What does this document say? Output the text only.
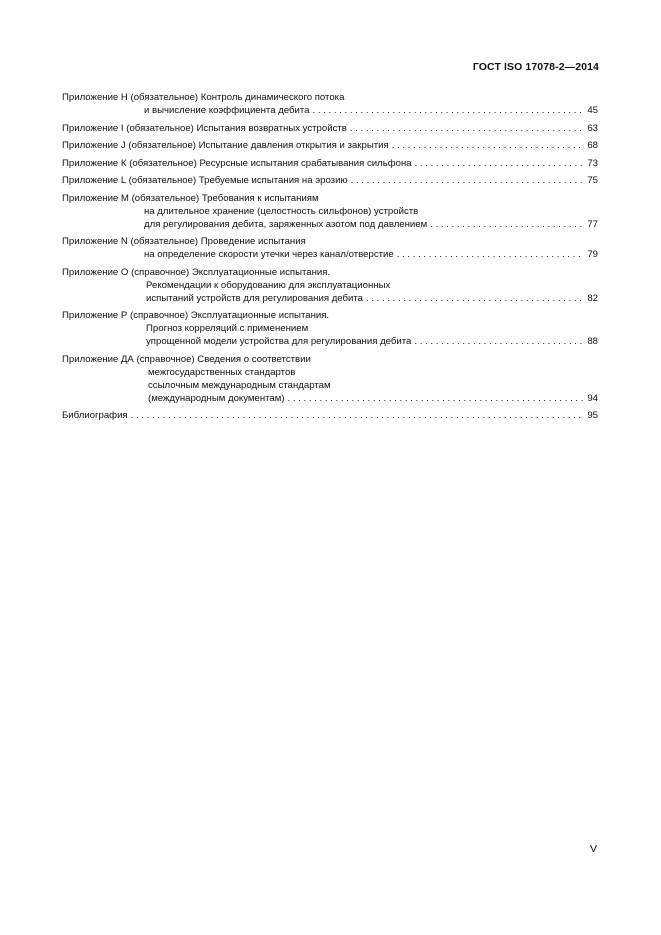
ГОСТ ISO 17078-2—2014
Приложение H (обязательное) Контроль динамического потока
и вычисление коэффициента дебита . . .	45
Приложение I (обязательное) Испытания возвратных устройств . . .	63
Приложение J (обязательное) Испытание давления открытия и закрытия . . .	68
Приложение К (обязательное) Ресурсные испытания срабатывания сильфона . . .	73
Приложение L (обязательное) Требуемые испытания на эрозию . . .	75
Приложение М (обязательное) Требования к испытаниям
на длительное хранение (целостность сильфонов) устройств
для регулирования дебита, заряженных азотом под давлением . . .	77
Приложение N (обязательное) Проведение испытания
на определение скорости утечки через канал/отверстие . . .	79
Приложение О (справочное) Эксплуатационные испытания.
Рекомендации к оборудованию для эксплуатационных
испытаний устройств для регулирования дебита . . .	82
Приложение Р (справочное) Эксплуатационные испытания.
Прогноз корреляций с применением
упрощенной модели устройства для регулирования дебита . . .	88
Приложение ДА (справочное) Сведения о соответствии
межгосударственных стандартов
ссылочным международным стандартам
(международным документам) . . .	94
Библиография . . .	95
V
